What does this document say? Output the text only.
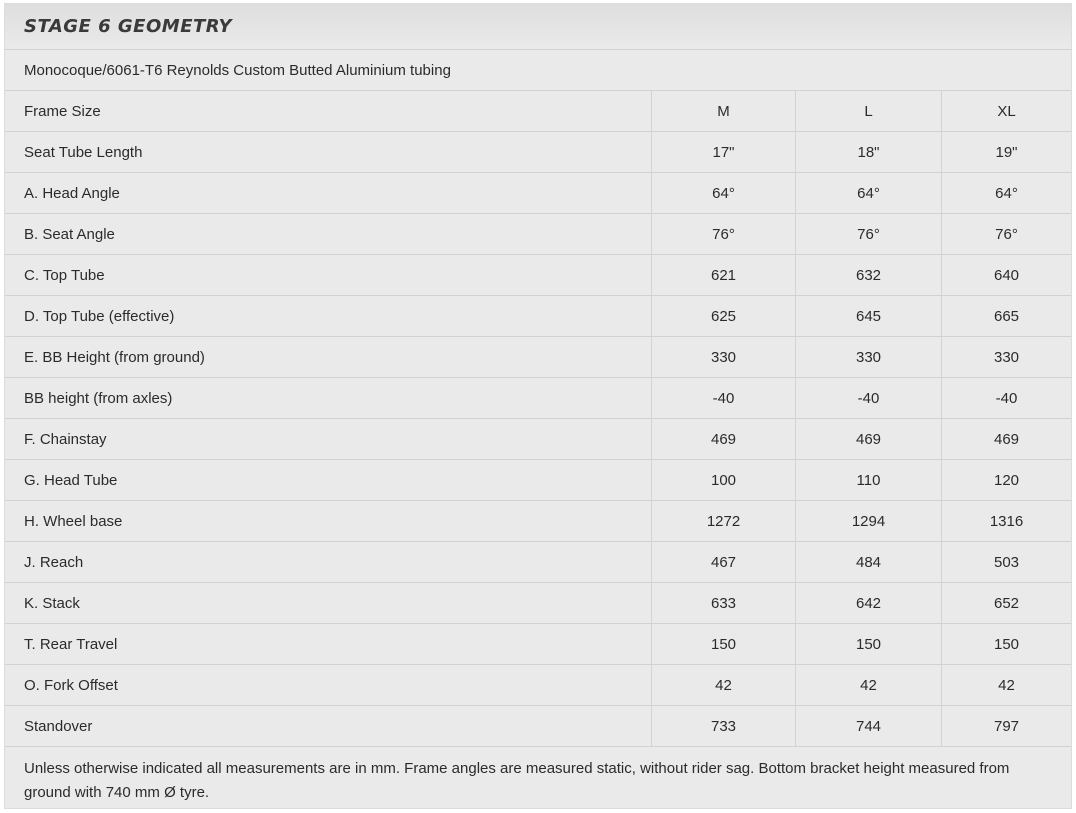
STAGE 6 GEOMETRY
Monocoque/6061-T6 Reynolds Custom Butted Aluminium tubing
Frame Size	M	L	XL
Seat Tube Length	17"	18"	19"
A. Head Angle	64°	64°	64°
B. Seat Angle	76°	76°	76°
C. Top Tube	621	632	640
D. Top Tube (effective)	625	645	665
E. BB Height (from ground)	330	330	330
BB height (from axles)	-40	-40	-40
F. Chainstay	469	469	469
G. Head Tube	100	110	120
H. Wheel base	1272	1294	1316
J. Reach	467	484	503
K. Stack	633	642	652
T. Rear Travel	150	150	150
O. Fork Offset	42	42	42
Standover	733	744	797
Unless otherwise indicated all measurements are in mm. Frame angles are measured static, without rider sag. Bottom bracket height measured from ground with 740 mm Ø tyre.
